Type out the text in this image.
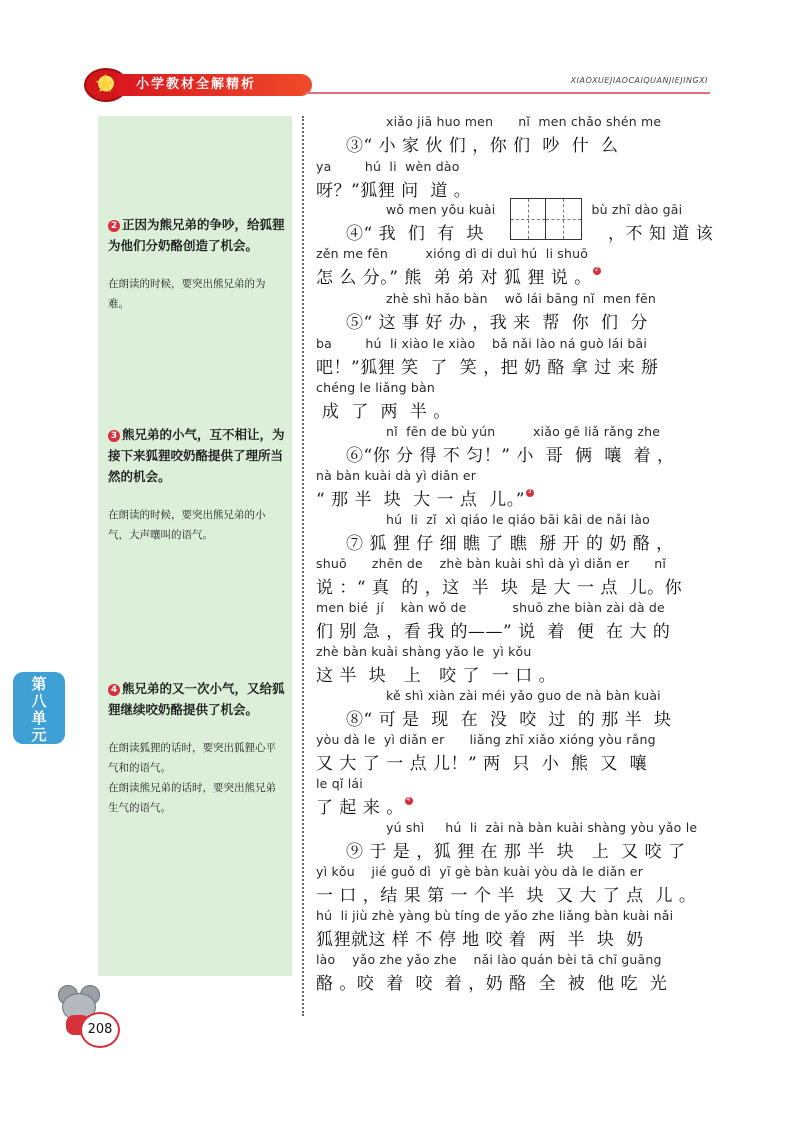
小学教材全解精析	XIAOXUEJIAOCAIQUANJIEJINGXI
2 正因为熊兄弟的争吵，给狐狸为他们分奶酪创造了机会。
在朗读的时候，要突出熊兄弟的为难。
3 熊兄弟的小气，互不相让，为接下来狐狸咬奶酪提供了理所当然的机会。
在朗读的时候，要突出熊兄弟的小气，大声嚷叫的语气。
4 熊兄弟的又一次小气，又给狐狸继续咬奶酪提供了机会。
在朗读狐狸的话时，要突出狐狸心平气和的语气。
在朗读熊兄弟的话时，要突出熊兄弟生气的语气。
第
八
单
元
xiǎo jiā huo men      nǐ  men chǎo shén me
③“ 小 家 伙 们 ，你 们  吵  什  么
ya        hú  li  wèn dào
呀？”狐狸 问  道 。
wǒ men yǒu kuài                       bù zhī dào gāi
④“ 我  们  有  块                     ，不 知 道 该
zěn me fēn         xióng dì di duì hú  li shuō
怎 么 分。” 熊  弟 弟 对 狐 狸 说 。 2
zhè shì hǎo bàn    wǒ lái bāng nǐ  men fēn
⑤“ 这 事 好 办 ，我 来  帮  你  们  分
ba        hú  li xiào le xiào    bǎ nǎi lào ná guò lái bāi
吧！”狐狸 笑  了  笑 ，把 奶 酪 拿 过 来 掰
chéng le liǎng bàn
成  了  两  半 。
nǐ  fēn de bù yún         xiǎo gē liǎ rǎng zhe
⑥“你 分 得 不 匀！” 小  哥  俩  嚷  着 ，
nà bàn kuài dà yì diǎn er
“ 那 半  块  大 一 点  儿。” 3
hú  li  zǐ  xì qiáo le qiáo bāi kāi de nǎi lào
⑦ 狐 狸 仔 细 瞧 了 瞧  掰 开 的 奶 酪 ，
shuō      zhēn de    zhè bàn kuài shì dà yì diǎn er      nǐ
说 ：“ 真  的 ，这  半  块  是 大 一 点  儿。你
men bié  jí    kàn wǒ de           shuō zhe biàn zài dà de
们 别 急 ，看 我 的——” 说  着  便  在 大 的
zhè bàn kuài shàng yǎo le  yì kǒu
这 半  块   上   咬 了  一 口 。
kě shì xiàn zài méi yǎo guo de nà bàn kuài
⑧“ 可 是  现  在  没  咬  过  的 那 半  块
yòu dà le  yì diǎn er      liǎng zhī xiǎo xióng yòu rǎng
又 大 了 一 点 儿！” 两  只  小  熊  又  嚷
le qǐ lái
了 起 来 。 4
yú shì     hú  li  zài nà bàn kuài shàng yòu yǎo le
⑨ 于 是 ，狐 狸 在 那 半  块   上  又 咬 了
yì kǒu    jié guǒ dì  yī gè bàn kuài yòu dà le diǎn er
一 口 ，结 果 第 一 个 半  块  又 大 了 点  儿 。
hú  li jiù zhè yàng bù tíng de yǎo zhe liǎng bàn kuài nǎi
狐狸就这 样 不 停 地 咬 着  两  半  块  奶
lào    yǎo zhe yǎo zhe    nǎi lào quán bèi tā chī guāng
酪 。咬  着  咬  着 ，奶 酪  全  被  他 吃  光
208
